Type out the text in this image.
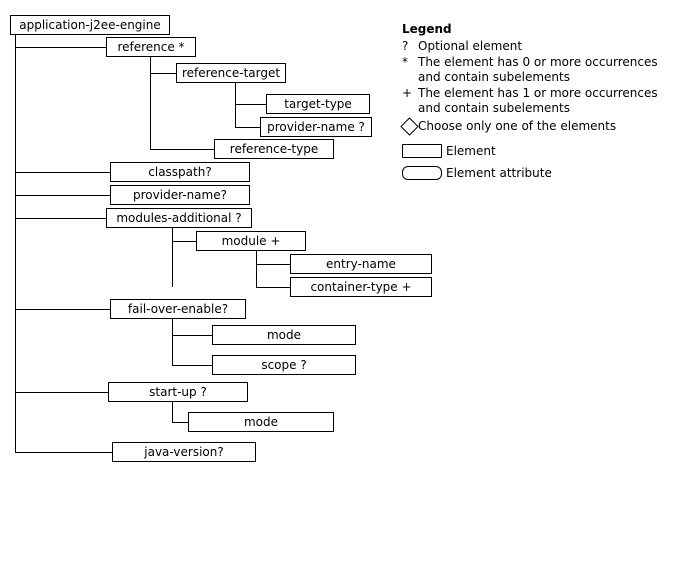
application-j2ee-engine
reference *
reference-target
target-type
provider-name ?
reference-type
classpath?
provider-name?
modules-additional ?
module +
entry-name
container-type +
fail-over-enable?
mode
scope ?
start-up ?
mode
java-version?
Legend
? Optional element
* The element has 0 or more occurrences and contain subelements
+ The element has 1 or more occurrences and contain subelements
Choose only one of the elements
Element
Element attribute
